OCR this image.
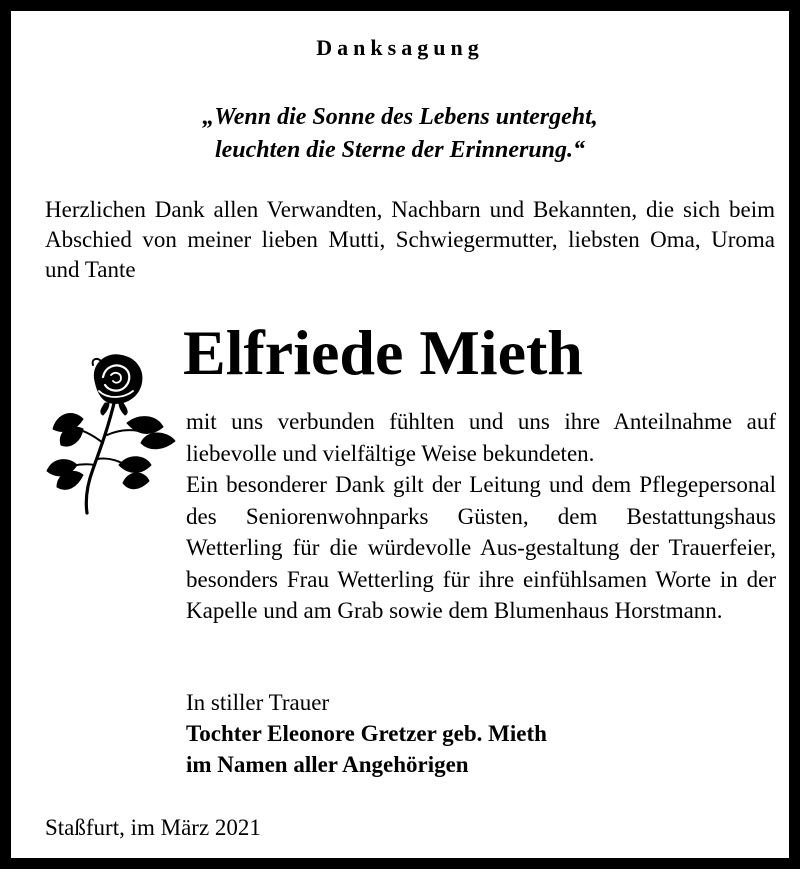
Danksagung
„Wenn die Sonne des Lebens untergeht,
leuchten die Sterne der Erinnerung.“
Herzlichen Dank allen Verwandten, Nachbarn und Bekannten, die sich beim Abschied von meiner lieben Mutti, Schwiegermutter, liebsten Oma, Uroma und Tante
Elfriede Mieth

mit uns verbunden fühlten und uns ihre Anteilnahme auf liebevolle und vielfältige Weise bekundeten.

Ein besonderer Dank gilt der Leitung und dem Pflegepersonal des Seniorenwohnparks Güsten, dem Bestattungshaus Wetterling für die würdevolle Aus-gestaltung der Trauerfeier, besonders Frau Wetterling für ihre einfühlsamen Worte in der Kapelle und am Grab sowie dem Blumenhaus Horstmann.

In stiller Trauer
Tochter Eleonore Gretzer geb. Mieth
im Namen aller Angehörigen
Staßfurt, im März 2021
